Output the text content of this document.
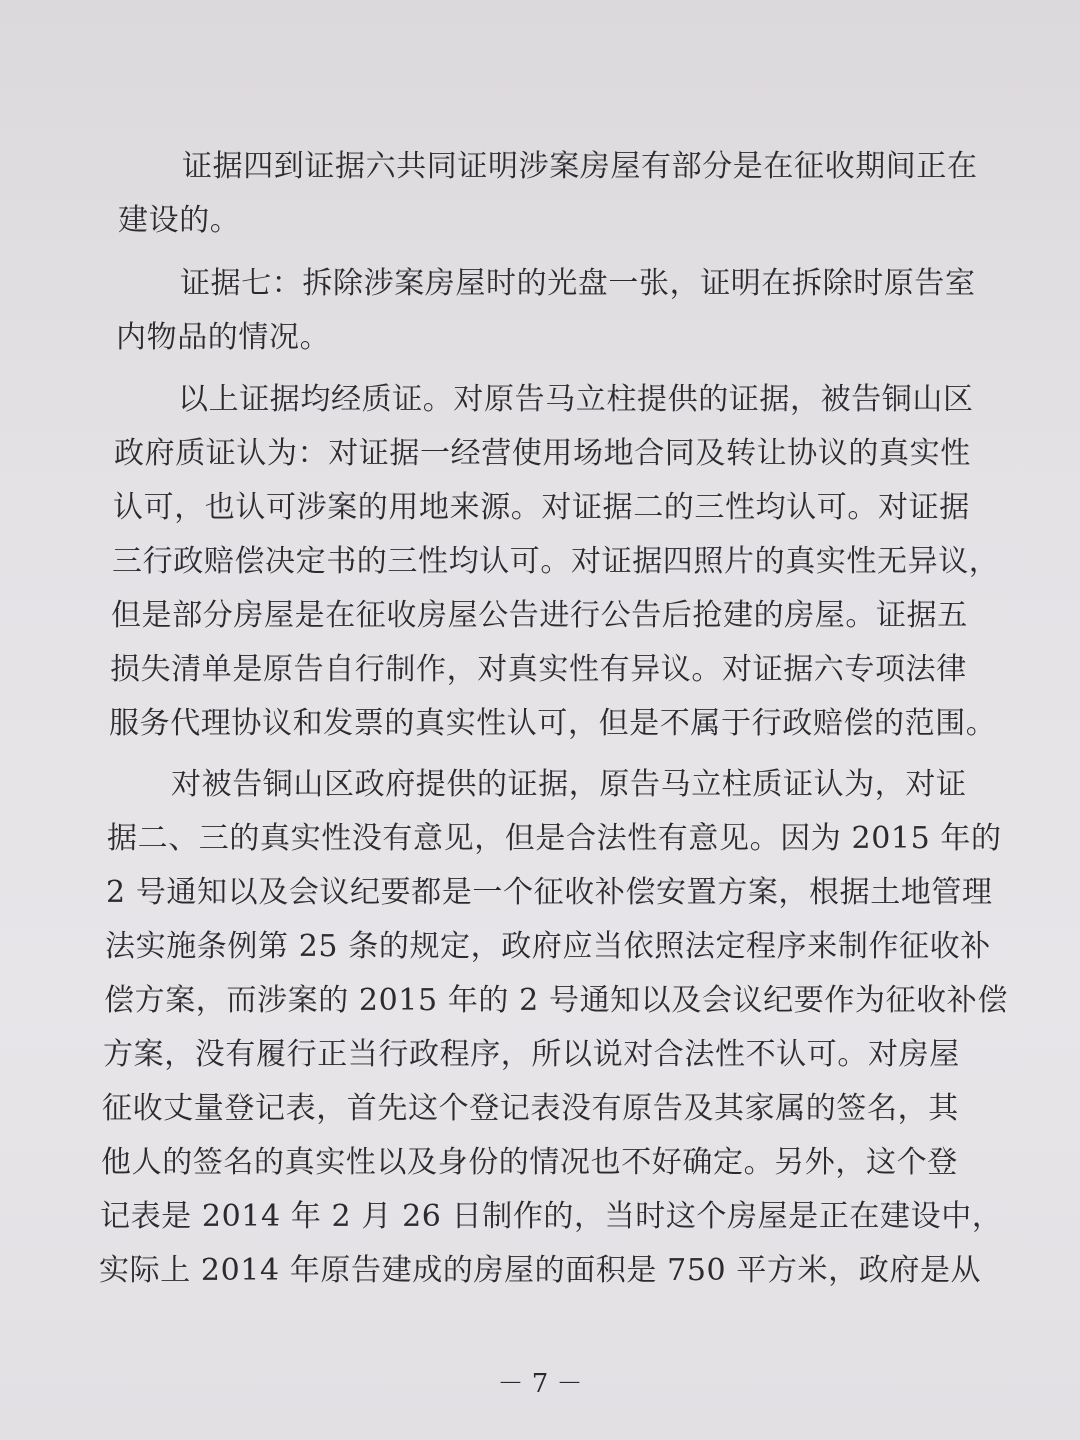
证据四到证据六共同证明涉案房屋有部分是在征收期间正在
建设的。
证据七：拆除涉案房屋时的光盘一张，证明在拆除时原告室
内物品的情况。
以上证据均经质证。对原告马立柱提供的证据，被告铜山区
政府质证认为：对证据一经营使用场地合同及转让协议的真实性
认可，也认可涉案的用地来源。对证据二的三性均认可。对证据
三行政赔偿决定书的三性均认可。对证据四照片的真实性无异议，
但是部分房屋是在征收房屋公告进行公告后抢建的房屋。证据五
损失清单是原告自行制作，对真实性有异议。对证据六专项法律
服务代理协议和发票的真实性认可，但是不属于行政赔偿的范围。
对被告铜山区政府提供的证据，原告马立柱质证认为，对证
据二、三的真实性没有意见，但是合法性有意见。因为 2015 年的
2 号通知以及会议纪要都是一个征收补偿安置方案，根据土地管理
法实施条例第 25 条的规定，政府应当依照法定程序来制作征收补
偿方案，而涉案的 2015 年的 2 号通知以及会议纪要作为征收补偿
方案，没有履行正当行政程序，所以说对合法性不认可。对房屋
征收丈量登记表，首先这个登记表没有原告及其家属的签名，其
他人的签名的真实性以及身份的情况也不好确定。另外，这个登
记表是 2014 年 2 月 26 日制作的，当时这个房屋是正在建设中，
实际上 2014 年原告建成的房屋的面积是 750 平方米，政府是从
－ 7 －
